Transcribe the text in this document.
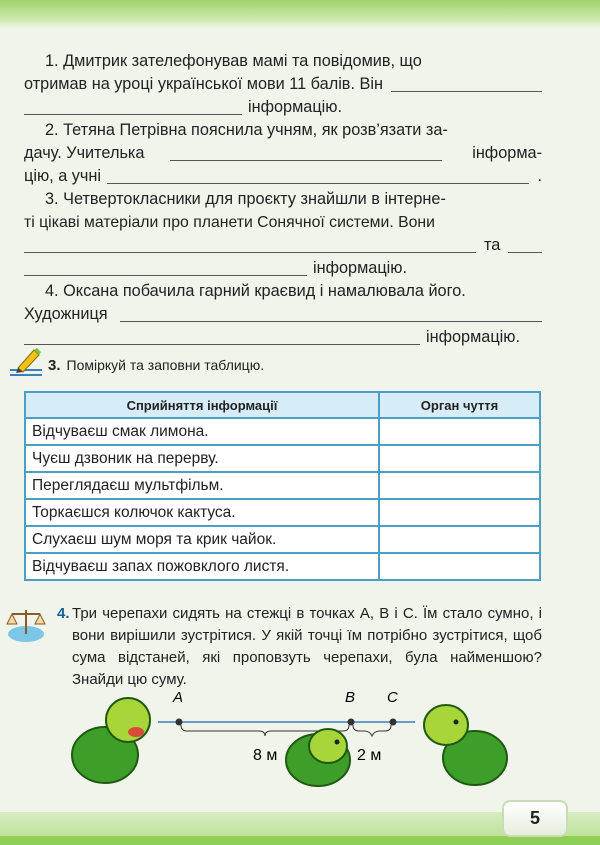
1. Дмитрик зателефонував мамі та повідомив, що
отримав на уроці української мови 11 балів. Він
інформацію.
2. Тетяна Петрівна пояснила учням, як розв’язати за-
дачу. Учителька	інформа-
цію, а учні	.
3. Четвертокласники для проєкту знайшли в інтерне-
ті цікаві матеріали про планети Сонячної системи. Вони
та
інформацію.
4. Оксана побачила гарний краєвид і намалювала його.
Художниця
інформацію.
3. Поміркуй та заповни таблицю.
Сприйняття інформації	Орган чуття
Відчуваєш смак лимона.	
Чуєш дзвоник на перерву.	
Переглядаєш мультфільм.	
Торкаєшся колючок кактуса.	
Слухаєш шум моря та крик чайок.	
Відчуваєш запах пожовклого листя.	
4. Три черепахи сидять на стежці в точках А, В і С. Їм стало сумно, і вони вирішили зустрітися. У якій точці їм потрібно зустрітися, щоб сума відстаней, які проповзуть черепахи, була найменшою? Знайди цю суму.
A	B C
8 м	2 м
5
